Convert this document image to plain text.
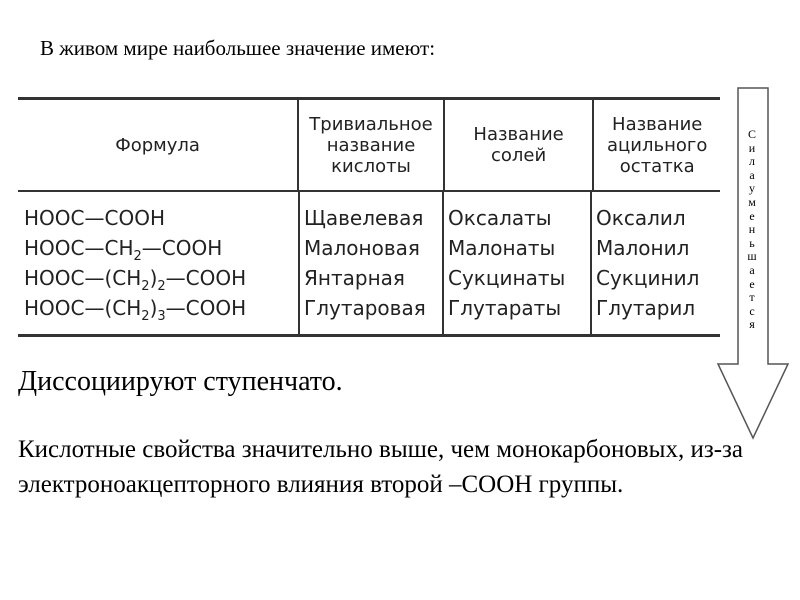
В живом мире наибольшее значение имеют:
Формула
Тривиальное
название
кислоты
Название
солей
Название
ацильного
остатка
HOOC—COOH
$HOOC—CH_2—COOH$
$HOOC—(CH_2)_2—COOH$
$HOOC—(CH_2)_3—COOH$
Щавелевая
Малоновая
Янтарная
Глутаровая
Оксалаты
Малонаты
Сукцинаты
Глутараты
Оксалил
Малонил
Сукцинил
Глутарил
С
и
л
а
у
м
е
н
ь
ш
а
е
т
с
я
Диссоциируют ступенчато.
Кислотные свойства значительно выше, чем монокарбоновых, из-за электроноакцепторного влияния второй –COOH группы.
